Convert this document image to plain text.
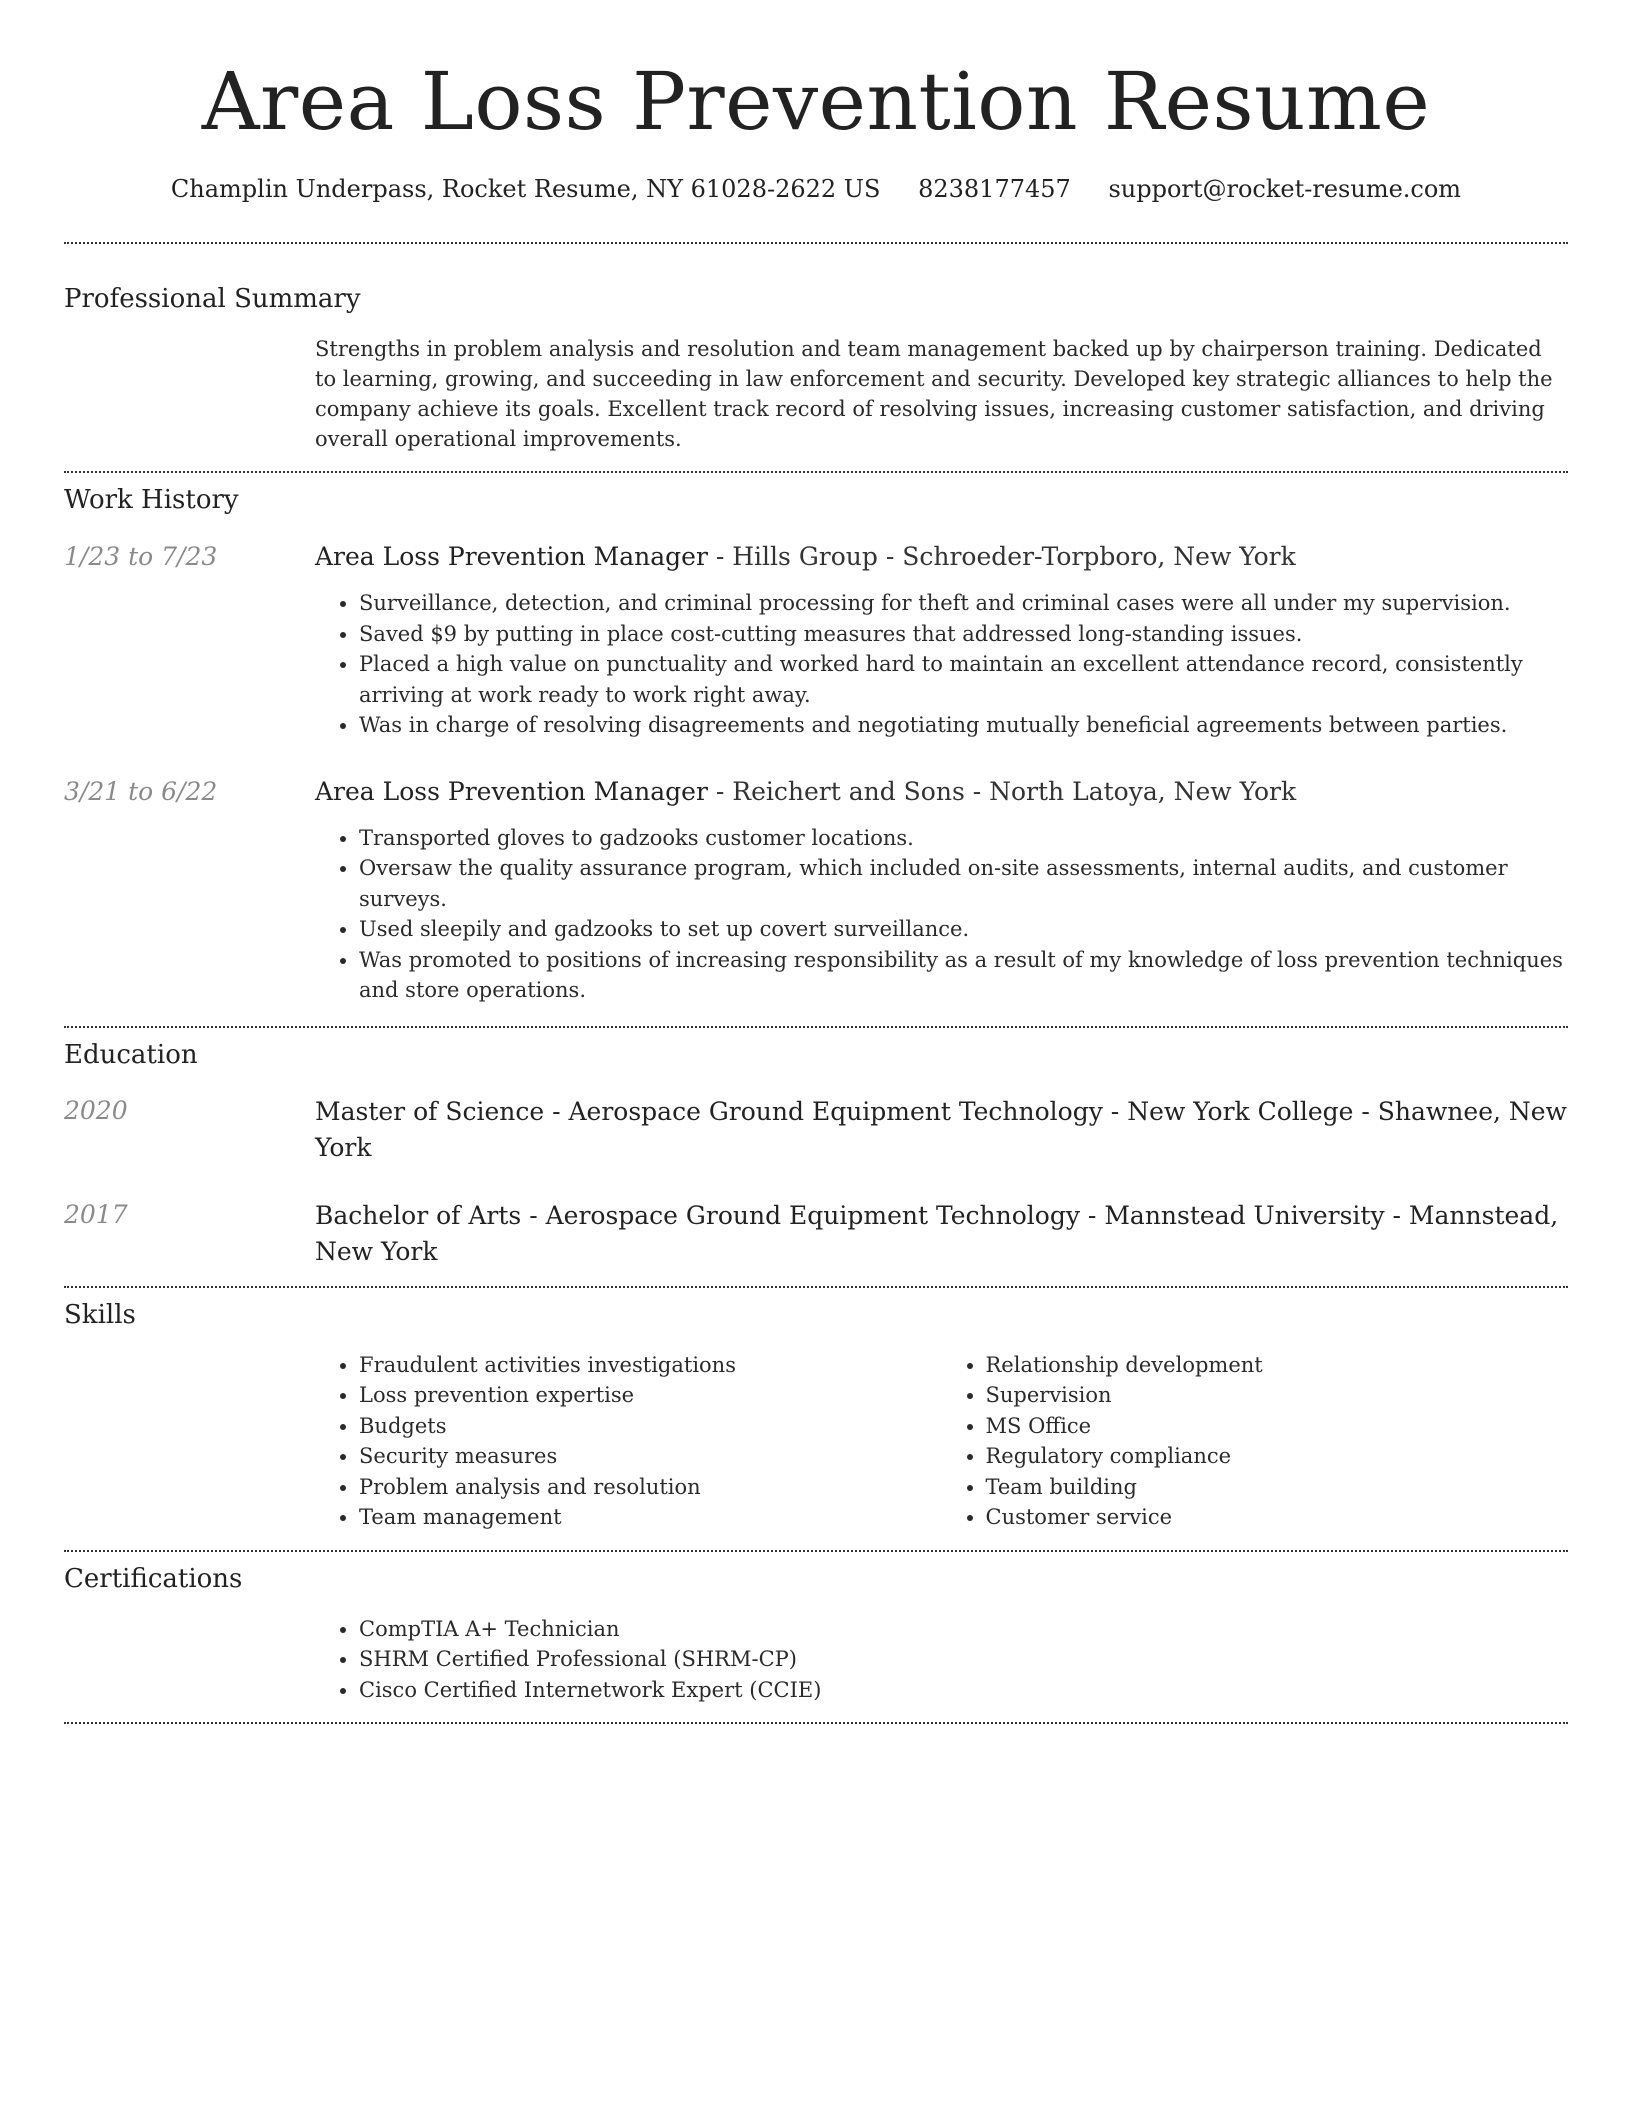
Area Loss Prevention Resume
Champlin Underpass, Rocket Resume, NY 61028-2622 US 8238177457 support@rocket-resume.com
Professional Summary
Strengths in problem analysis and resolution and team management backed up by chairperson training. Dedicated to learning, growing, and succeeding in law enforcement and security. Developed key strategic alliances to help the company achieve its goals. Excellent track record of resolving issues, increasing customer satisfaction, and driving overall operational improvements.
Work History
1/23 to 7/23	Area Loss Prevention Manager - Hills Group - Schroeder-Torpboro, New York
• Surveillance, detection, and criminal processing for theft and criminal cases were all under my supervision.
• Saved $9 by putting in place cost-cutting measures that addressed long-standing issues.
• Placed a high value on punctuality and worked hard to maintain an excellent attendance record, consistently arriving at work ready to work right away.
• Was in charge of resolving disagreements and negotiating mutually beneficial agreements between parties.
3/21 to 6/22	Area Loss Prevention Manager - Reichert and Sons - North Latoya, New York
• Transported gloves to gadzooks customer locations.
• Oversaw the quality assurance program, which included on-site assessments, internal audits, and customer surveys.
• Used sleepily and gadzooks to set up covert surveillance.
• Was promoted to positions of increasing responsibility as a result of my knowledge of loss prevention techniques and store operations.
Education
2020	Master of Science - Aerospace Ground Equipment Technology - New York College - Shawnee, New York
2017	Bachelor of Arts - Aerospace Ground Equipment Technology - Mannstead University - Mannstead, New York
Skills
• Fraudulent activities investigations
• Loss prevention expertise
• Budgets
• Security measures
• Problem analysis and resolution
• Team management
• Relationship development
• Supervision
• MS Office
• Regulatory compliance
• Team building
• Customer service
Certifications
• CompTIA A+ Technician
• SHRM Certified Professional (SHRM-CP)
• Cisco Certified Internetwork Expert (CCIE)
